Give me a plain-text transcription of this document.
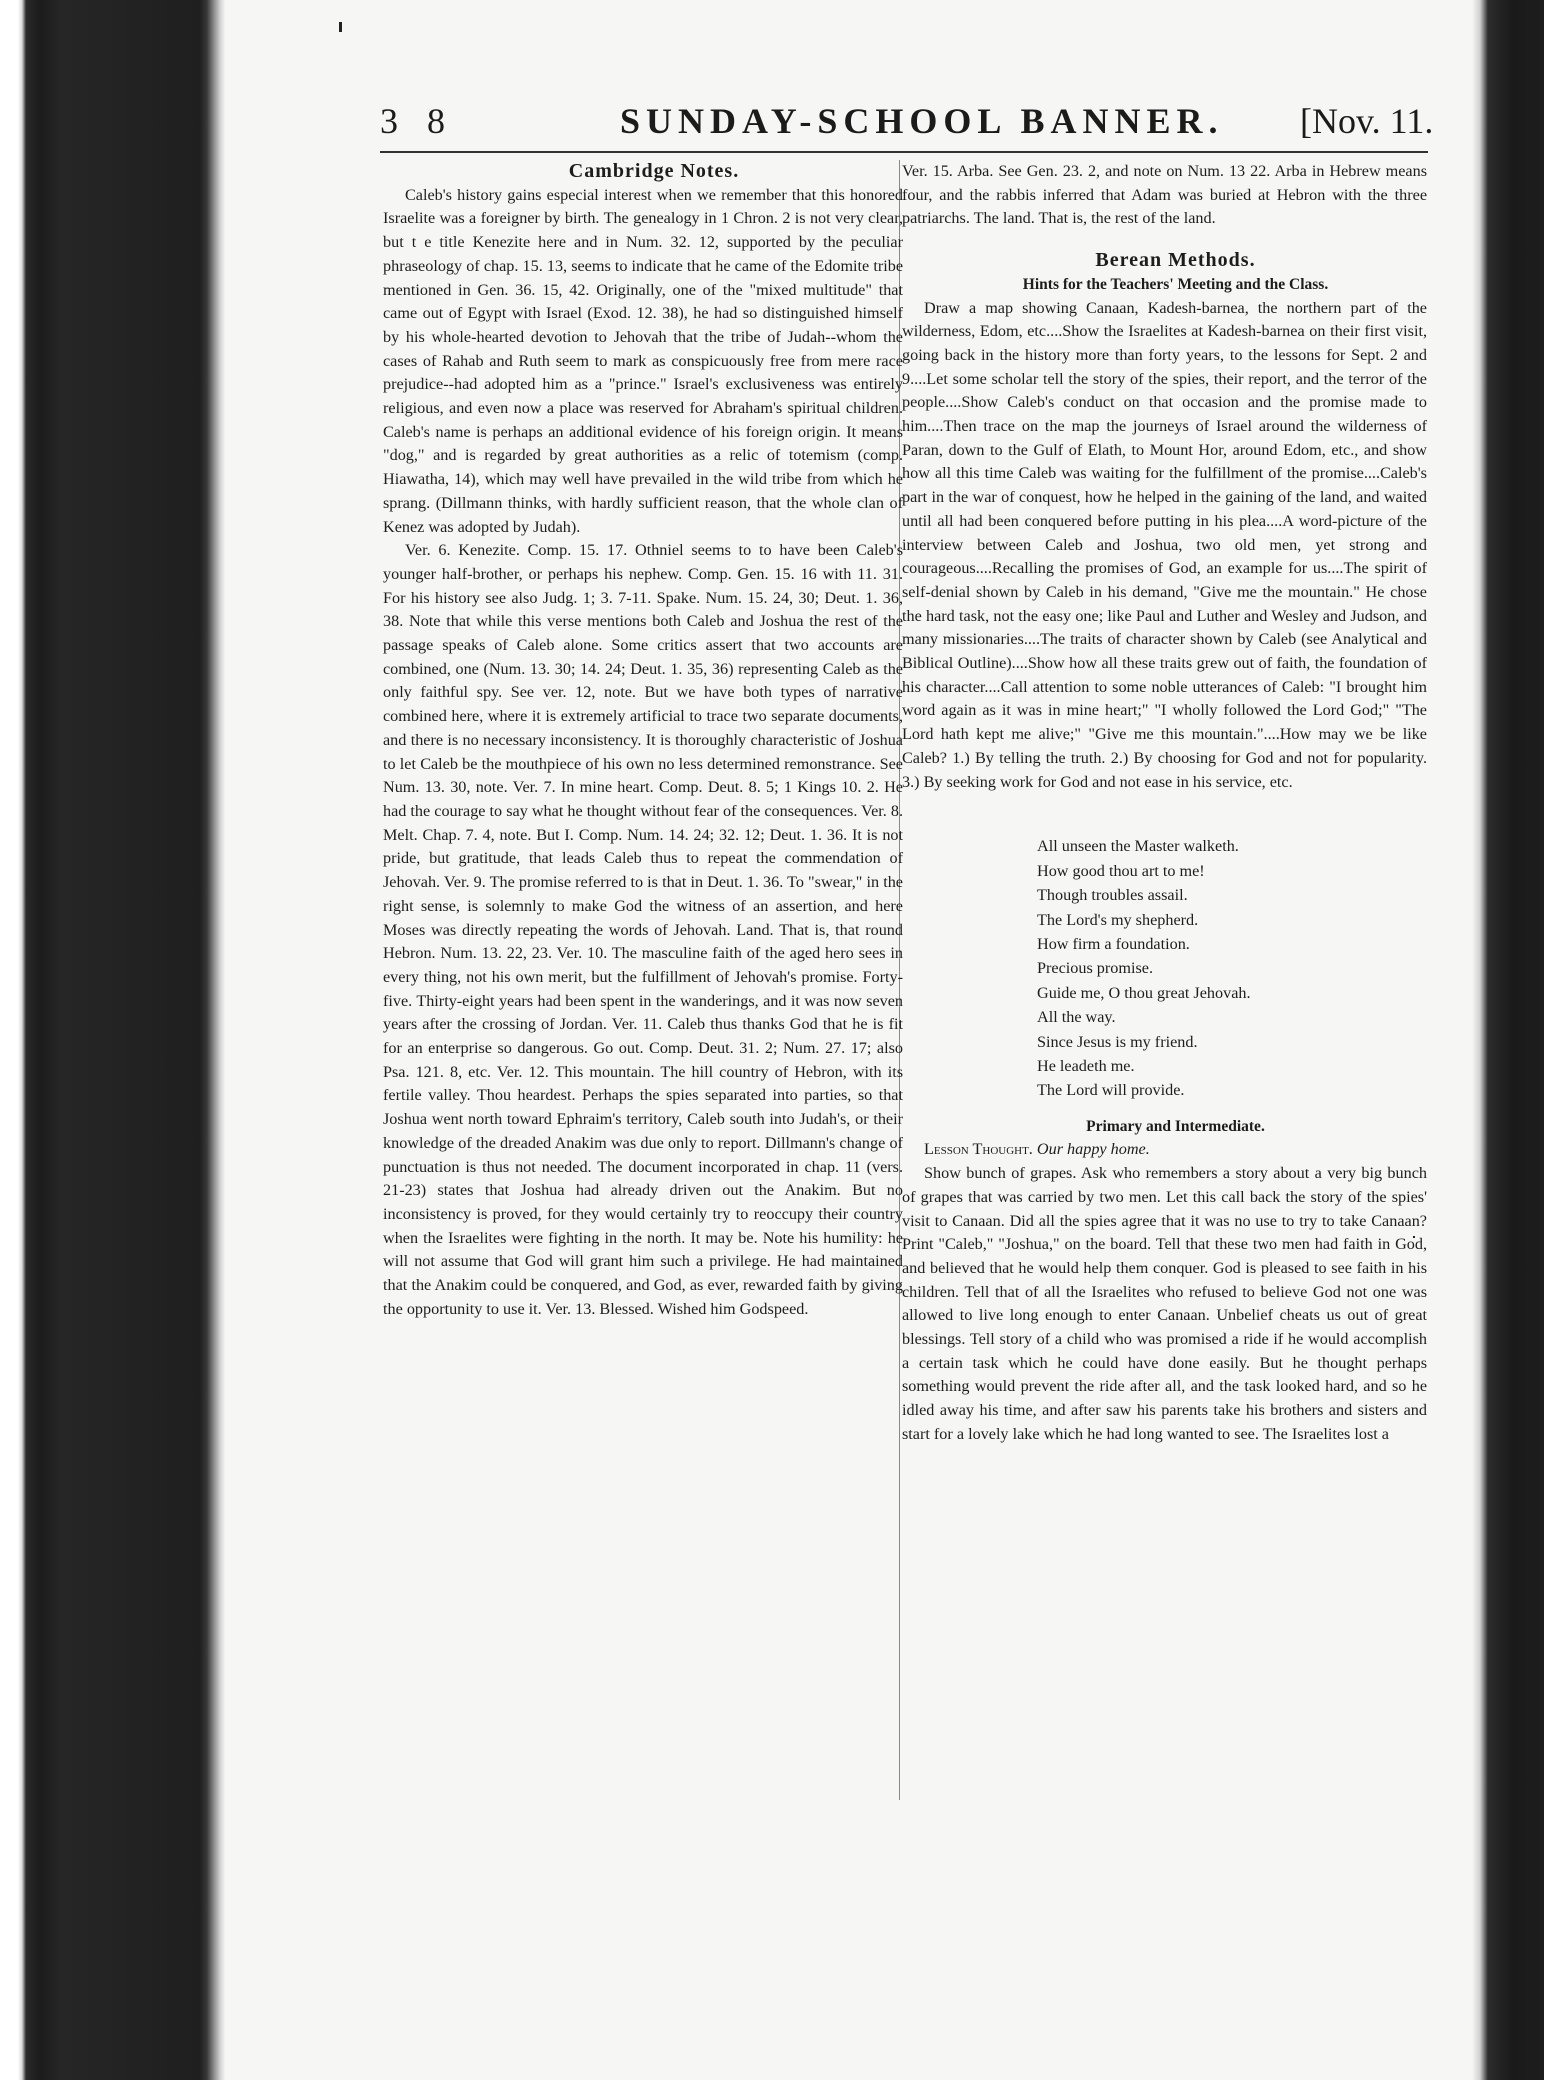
3 8	SUNDAY-SCHOOL BANNER. [Nov. 11.

Cambridge Notes.

Caleb's history gains especial interest when we remember that this honored Israelite was a foreigner by birth. The genealogy in 1 Chron. 2 is not very clear, but t e title Kenezite here and in Num. 32. 12, supported by the peculiar phraseology of chap. 15. 13, seems to indicate that he came of the Edomite tribe mentioned in Gen. 36. 15, 42. Originally, one of the "mixed multitude" that came out of Egypt with Israel (Exod. 12. 38), he had so distinguished himself by his whole-hearted devotion to Jehovah that the tribe of Judah--whom the cases of Rahab and Ruth seem to mark as conspicuously free from mere race prejudice--had adopted him as a "prince." Israel's exclusiveness was entirely religious, and even now a place was reserved for Abraham's spiritual children. Caleb's name is perhaps an additional evidence of his foreign origin. It means "dog," and is regarded by great authorities as a relic of totemism (comp. Hiawatha, 14), which may well have prevailed in the wild tribe from which he sprang. (Dillmann thinks, with hardly sufficient reason, that the whole clan of Kenez was adopted by Judah).

Ver. 6. Kenezite. Comp. 15. 17. Othniel seems to to have been Caleb's younger half-brother, or perhaps his nephew. Comp. Gen. 15. 16 with 11. 31. For his history see also Judg. 1; 3. 7-11. Spake. Num. 15. 24, 30; Deut. 1. 36, 38. Note that while this verse mentions both Caleb and Joshua the rest of the passage speaks of Caleb alone. Some critics assert that two accounts are combined, one (Num. 13. 30; 14. 24; Deut. 1. 35, 36) representing Caleb as the only faithful spy. See ver. 12, note. But we have both types of narrative combined here, where it is extremely artificial to trace two separate documents, and there is no necessary inconsistency. It is thoroughly characteristic of Joshua to let Caleb be the mouthpiece of his own no less determined remonstrance. See Num. 13. 30, note. Ver. 7. In mine heart. Comp. Deut. 8. 5; 1 Kings 10. 2. He had the courage to say what he thought without fear of the consequences. Ver. 8. Melt. Chap. 7. 4, note. But I. Comp. Num. 14. 24; 32. 12; Deut. 1. 36. It is not pride, but gratitude, that leads Caleb thus to repeat the commendation of Jehovah. Ver. 9. The promise referred to is that in Deut. 1. 36. To "swear," in the right sense, is solemnly to make God the witness of an assertion, and here Moses was directly repeating the words of Jehovah. Land. That is, that round Hebron. Num. 13. 22, 23. Ver. 10. The masculine faith of the aged hero sees in every thing, not his own merit, but the fulfillment of Jehovah's promise. Forty-five. Thirty-eight years had been spent in the wanderings, and it was now seven years after the crossing of Jordan. Ver. 11. Caleb thus thanks God that he is fit for an enterprise so dangerous. Go out. Comp. Deut. 31. 2; Num. 27. 17; also Psa. 121. 8, etc. Ver. 12. This mountain. The hill country of Hebron, with its fertile valley. Thou heardest. Perhaps the spies separated into parties, so that Joshua went north toward Ephraim's territory, Caleb south into Judah's, or their knowledge of the dreaded Anakim was due only to report. Dillmann's change of punctuation is thus not needed. The document incorporated in chap. 11 (vers. 21-23) states that Joshua had already driven out the Anakim. But no inconsistency is proved, for they would certainly try to reoccupy their country when the Israelites were fighting in the north. It may be. Note his humility: he will not assume that God will grant him such a privilege. He had maintained that the Anakim could be conquered, and God, as ever, rewarded faith by giving the opportunity to use it. Ver. 13. Blessed. Wished him Godspeed.

Ver. 15. Arba. See Gen. 23. 2, and note on Num. 13 22. Arba in Hebrew means four, and the rabbis inferred that Adam was buried at Hebron with the three patriarchs. The land. That is, the rest of the land.

Berean Methods.

Hints for the Teachers' Meeting and the Class.

Draw a map showing Canaan, Kadesh-barnea, the northern part of the wilderness, Edom, etc....Show the Israelites at Kadesh-barnea on their first visit, going back in the history more than forty years, to the lessons for Sept. 2 and 9....Let some scholar tell the story of the spies, their report, and the terror of the people....Show Caleb's conduct on that occasion and the promise made to him....Then trace on the map the journeys of Israel around the wilderness of Paran, down to the Gulf of Elath, to Mount Hor, around Edom, etc., and show how all this time Caleb was waiting for the fulfillment of the promise....Caleb's part in the war of conquest, how he helped in the gaining of the land, and waited until all had been conquered before putting in his plea....A word-picture of the interview between Caleb and Joshua, two old men, yet strong and courageous....Recalling the promises of God, an example for us....The spirit of self-denial shown by Caleb in his demand, "Give me the mountain." He chose the hard task, not the easy one; like Paul and Luther and Wesley and Judson, and many missionaries....The traits of character shown by Caleb (see Analytical and Biblical Outline)....Show how all these traits grew out of faith, the foundation of his character....Call attention to some noble utterances of Caleb: "I brought him word again as it was in mine heart;" "I wholly followed the Lord God;" "The Lord hath kept me alive;" "Give me this mountain."....How may we be like Caleb? 1.) By telling the truth. 2.) By choosing for God and not for popularity. 3.) By seeking work for God and not ease in his service, etc.

All unseen the Master walketh.
How good thou art to me!
Though troubles assail.
The Lord's my shepherd.
How firm a foundation.
Precious promise.
Guide me, O thou great Jehovah.
All the way.
Since Jesus is my friend.
He leadeth me.
The Lord will provide.

Primary and Intermediate.

Lesson Thought. Our happy home.

Show bunch of grapes. Ask who remembers a story about a very big bunch of grapes that was carried by two men. Let this call back the story of the spies' visit to Canaan. Did all the spies agree that it was no use to try to take Canaan? Print "Caleb," "Joshua," on the board. Tell that these two men had faith in God, and believed that he would help them conquer. God is pleased to see faith in his children. Tell that of all the Israelites who refused to believe God not one was allowed to live long enough to enter Canaan. Unbelief cheats us out of great blessings. Tell story of a child who was promised a ride if he would accomplish a certain task which he could have done easily. But he thought perhaps something would prevent the ride after all, and the task looked hard, and so he idled away his time, and after saw his parents take his brothers and sisters and start for a lovely lake which he had long wanted to see. The Israelites lost a
